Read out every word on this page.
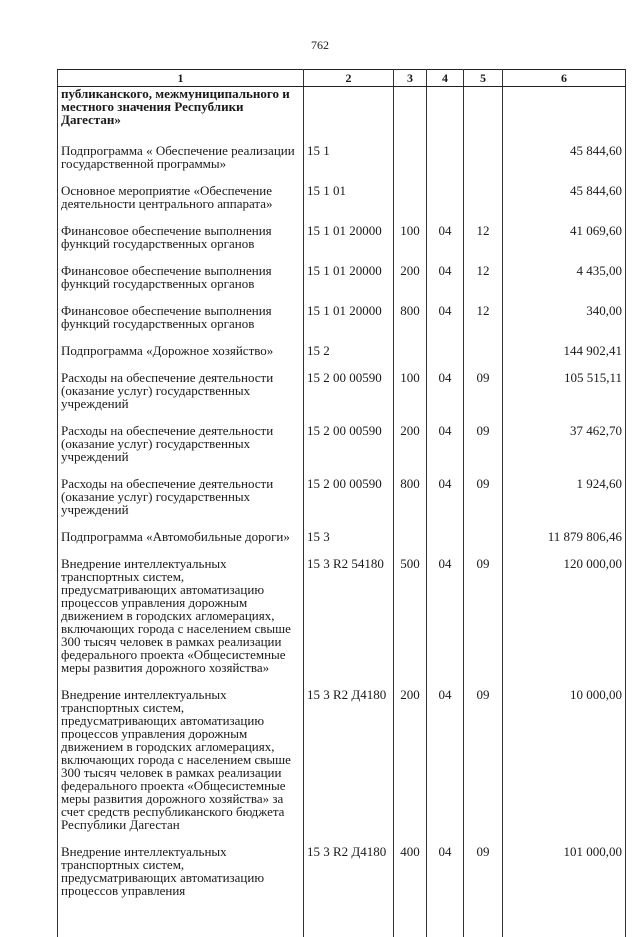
762
1	2	3	4	5	6
публиканского, межмуниципального и местного значения Республики Дагестан»					
Подпрограмма « Обеспечение реализации государственной программы»	15 1				45 844,60
Основное мероприятие «Обеспечение деятельности центрального аппарата»	15 1 01				45 844,60
Финансовое обеспечение выполнения функций государственных органов	15 1 01 20000	100	04	12	41 069,60
Финансовое обеспечение выполнения функций государственных органов	15 1 01 20000	200	04	12	4 435,00
Финансовое обеспечение выполнения функций государственных органов	15 1 01 20000	800	04	12	340,00
Подпрограмма «Дорожное хозяйство»	15 2				144 902,41
Расходы на обеспечение деятельности (оказание услуг) государственных учреждений	15 2 00 00590	100	04	09	105 515,11
Расходы на обеспечение деятельности (оказание услуг) государственных учреждений	15 2 00 00590	200	04	09	37 462,70
Расходы на обеспечение деятельности (оказание услуг) государственных учреждений	15 2 00 00590	800	04	09	1 924,60
Подпрограмма «Автомобильные дороги»	15 3				11 879 806,46
Внедрение интеллектуальных транспортных систем, предусматривающих автоматизацию процессов управления дорожным движением в городских агломерациях, включающих города с населением свыше 300 тысяч человек в рамках реализации федерального проекта «Общесистемные меры развития дорожного хозяйства»	15 3 R2 54180	500	04	09	120 000,00
Внедрение интеллектуальных транспортных систем, предусматривающих автоматизацию процессов управления дорожным движением в городских агломерациях, включающих города с населением свыше 300 тысяч человек в рамках реализации федерального проекта «Общесистемные меры развития дорожного хозяйства» за счет средств республиканского бюджета Республики Дагестан	15 3 R2 Д4180	200	04	09	10 000,00
Внедрение интеллектуальных транспортных систем, предусматривающих автоматизацию процессов управления	15 3 R2 Д4180	400	04	09	101 000,00
